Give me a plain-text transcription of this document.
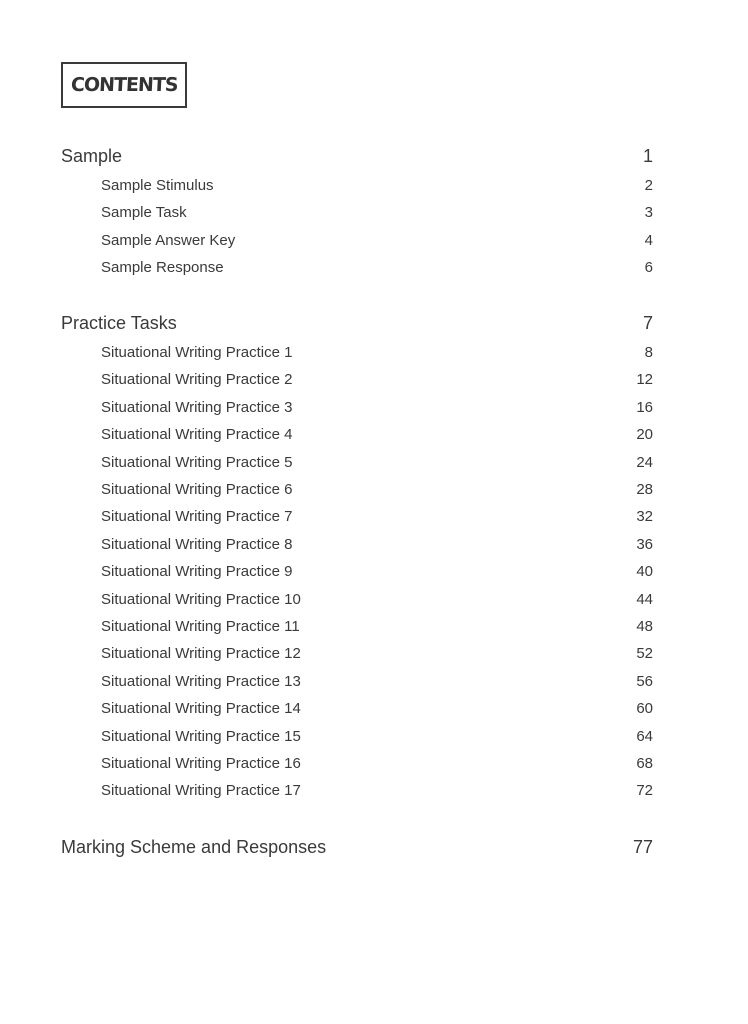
CONTENTS
Sample	1
Sample Stimulus	2
Sample Task	3
Sample Answer Key	4
Sample Response	6
Practice Tasks	7
Situational Writing Practice 1	8
Situational Writing Practice 2	12
Situational Writing Practice 3	16
Situational Writing Practice 4	20
Situational Writing Practice 5	24
Situational Writing Practice 6	28
Situational Writing Practice 7	32
Situational Writing Practice 8	36
Situational Writing Practice 9	40
Situational Writing Practice 10	44
Situational Writing Practice 11	48
Situational Writing Practice 12	52
Situational Writing Practice 13	56
Situational Writing Practice 14	60
Situational Writing Practice 15	64
Situational Writing Practice 16	68
Situational Writing Practice 17	72
Marking Scheme and Responses	77
